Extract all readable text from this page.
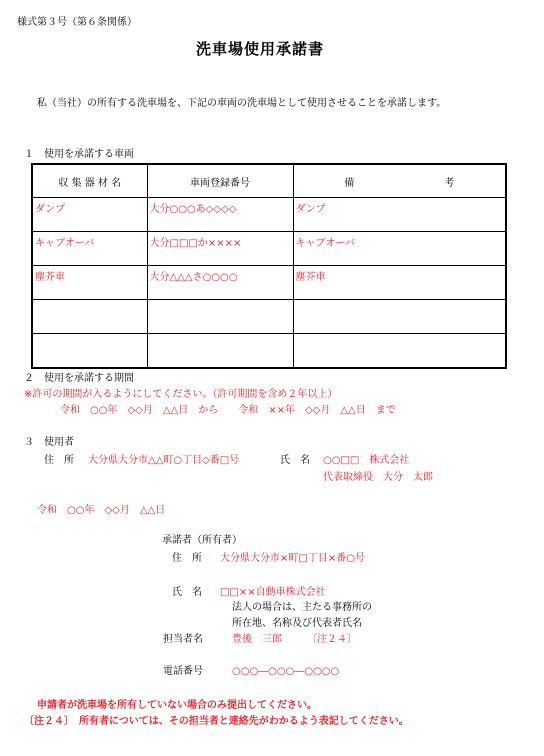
様式第３号（第６条関係）
洗車場使用承諾書
私（当社）の所有する洗車場を、下記の車両の洗車場として使用させることを承諾します。
１　使用を承諾する車両
収 集 器 材 名	車両登録番号	備　　　　　　　　　考
ダンプ	大分○○○あ◇◇◇◇	ダンプ
キャブオーバ	大分□□□か××××	キャブオーバ
塵芥車	大分△△△さ○○○○	塵芥車

２　使用を承諾する期間
※許可の期間が入るようにしてください。（許可期間を含め２年以上）
令和　○○年　◇◇月　△△日　から　　令和　××年　◇◇月　△△日　まで
３　使用者
住　所 大分県大分市△△町○丁目◇番□号	氏　名 ○○□□　株式会社
代表取締役　大分　太郎
令和　○○年　◇◇月　△△日
承諾者（所有者）
住　所 大分県大分市×町□丁目×番○号
氏　名 □□××自動車株式会社
法人の場合は、主たる事務所の
所在地、名称及び代表者氏名
担当者名	豊後　三郎	〔注２４〕
電話番号	○○○―○○○―○○○○
申請者が洗車場を所有していない場合のみ提出してください。
〔注２４〕　所有者については、その担当者と連絡先がわかるよう表記してください。
